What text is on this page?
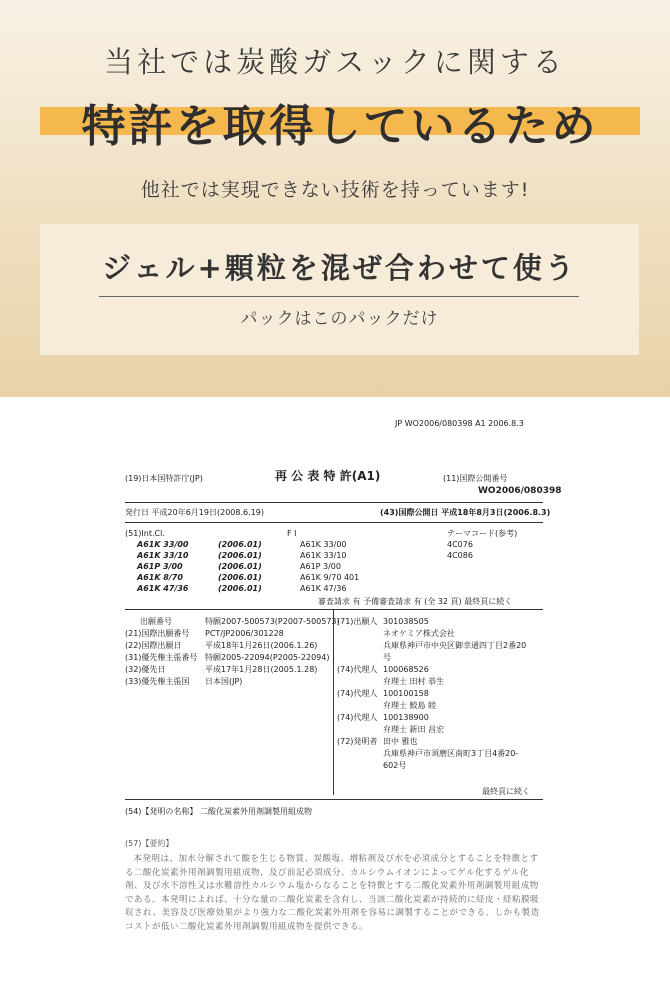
当社では炭酸ガスックに関する
特許を取得しているため
他社では実現できない技術を持っています!
ジェル+顆粒を混ぜ合わせて使う
パックはこのパックだけ
JP WO2006/080398 A1 2006.8.3
(19)日本国特許庁(JP)	再 公 表 特 許(A1)	(11)国際公開番号
WO2006/080398
発行日 平成20年6月19日(2008.6.19)	(43)国際公開日 平成18年8月3日(2006.8.3)
(51)Int.Cl.	F I	テーマコード(参考)
A61K 33/00	(2006.01)	A61K 33/00	4C076
A61K 33/10	(2006.01)	A61K 33/10	4C086
A61P 3/00	(2006.01)	A61P 3/00
A61K 8/70	(2006.01)	A61K 9/70 401
A61K 47/36	(2006.01)	A61K 47/36
審査請求 有 予備審査請求 有 (全 32 頁) 最終頁に続く
出願番号	特願2007-500573(P2007-500573)
(21)国際出願番号 PCT/JP2006/301228
(22)国際出願日	平成18年1月26日(2006.1.26)
(31)優先権主張番号 特願2005-22094(P2005-22094)
(32)優先日	平成17年1月28日(2005.1.28)
(33)優先権主張国 日本国(JP)
(71)出願人 301038505
ネオケミア株式会社
兵庫県神戸市中央区御幸通四丁目2番20
号
(74)代理人 100068526
弁理士 田村 恭生
(74)代理人 100100158
弁理士 鮫島 睦
(74)代理人 100138900
弁理士 新田 昌宏
(72)発明者 田中 雅也
兵庫県神戸市須磨区南町3丁目4番20-
602号
最終頁に続く
(54)【発明の名称】 二酸化炭素外用剤調製用組成物
(57)【要約】
本発明は、加水分解されて酸を生じる物質、炭酸塩、増粘剤及び水を必須成分とすることを特徴とする二酸化炭素外用剤調製用組成物、及び前記必須成分、カルシウムイオンによってゲル化するゲル化剤、及び水不溶性又は水難溶性カルシウム塩からなることを特徴とする二酸化炭素外用剤調製用組成物である。本発明によれば、十分な量の二酸化炭素を含有し、当該二酸化炭素が持続的に経皮・経粘膜吸収され、美容及び医療効果がより強力な二酸化炭素外用剤を容易に調製することができる。しかも製造コストが低い二酸化炭素外用剤調製用組成物を提供できる。
